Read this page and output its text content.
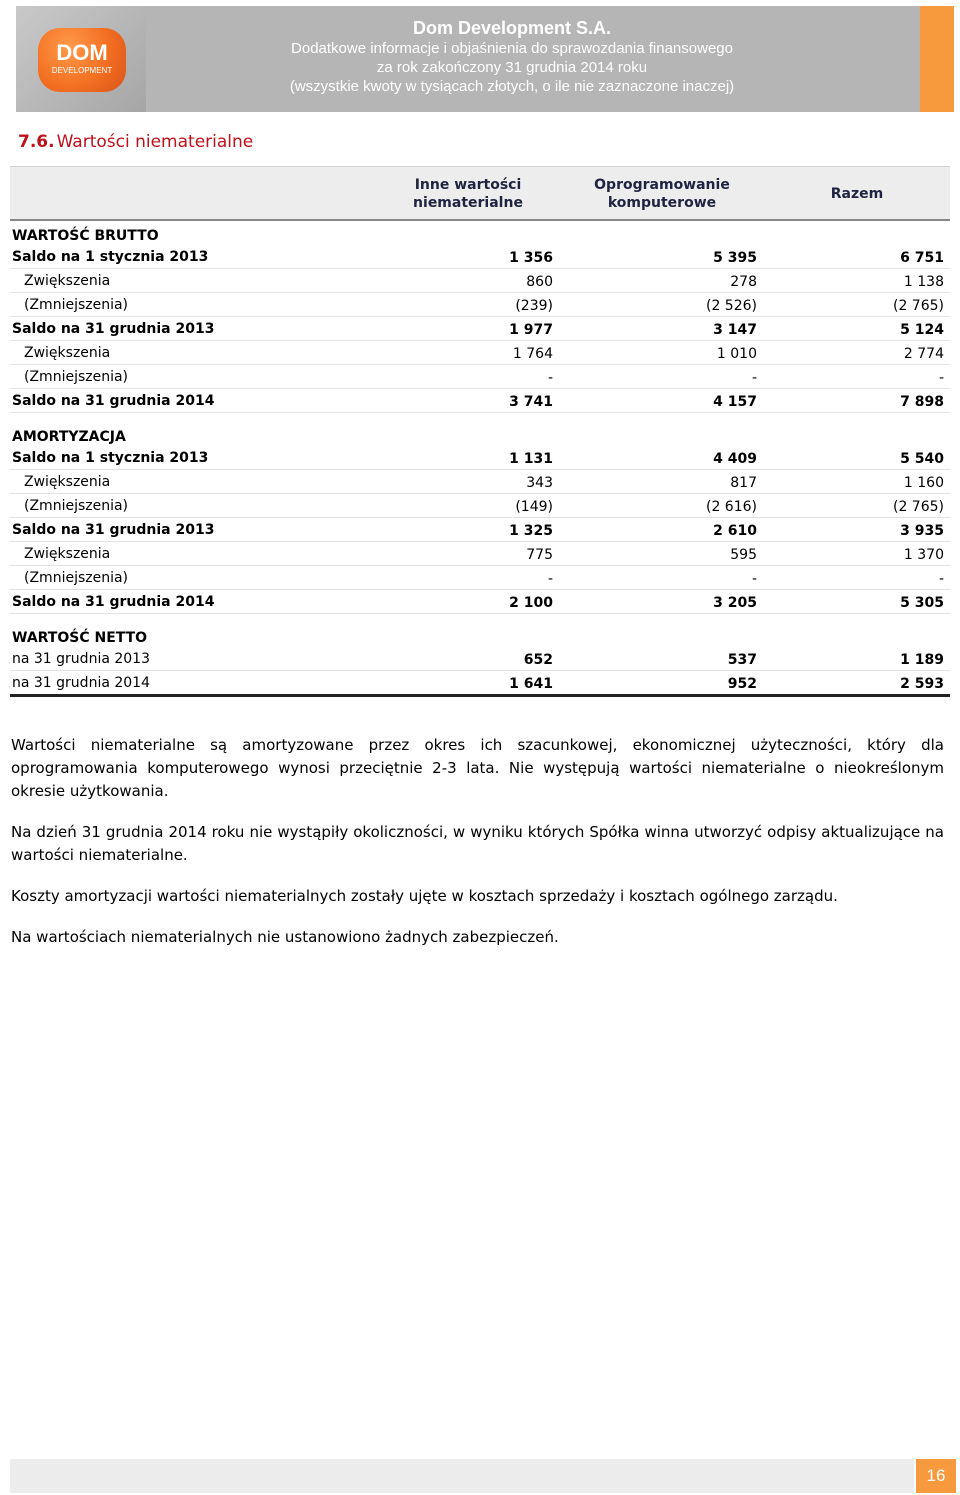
DOM
DEVELOPMENT
Dom Development S.A.
Dodatkowe informacje i objaśnienia do sprawozdania finansowego
za rok zakończony 31 grudnia 2014 roku
(wszystkie kwoty w tysiącach złotych, o ile nie zaznaczone inaczej)
7.6. Wartości niematerialne
Inne wartości
niematerialne
Oprogramowanie
komputerowe
Razem
WARTOŚĆ BRUTTO
Saldo na 1 stycznia 2013	1 356	5 395	6 751
Zwiększenia	860	278	1 138
(Zmniejszenia)	(239)	(2 526)	(2 765)
Saldo na 31 grudnia 2013	1 977	3 147	5 124
Zwiększenia	1 764	1 010	2 774
(Zmniejszenia)	-	-	-
Saldo na 31 grudnia 2014	3 741	4 157	7 898
AMORTYZACJA
Saldo na 1 stycznia 2013	1 131	4 409	5 540
Zwiększenia	343	817	1 160
(Zmniejszenia)	(149)	(2 616)	(2 765)
Saldo na 31 grudnia 2013	1 325	2 610	3 935
Zwiększenia	775	595	1 370
(Zmniejszenia)	-	-	-
Saldo na 31 grudnia 2014	2 100	3 205	5 305
WARTOŚĆ NETTO
na 31 grudnia 2013	652	537	1 189
na 31 grudnia 2014	1 641	952	2 593

Wartości niematerialne są amortyzowane przez okres ich szacunkowej, ekonomicznej użyteczności, który dla oprogramowania komputerowego wynosi przeciętnie 2-3 lata. Nie występują wartości niematerialne o nieokreślonym okresie użytkowania.

Na dzień 31 grudnia 2014 roku nie wystąpiły okoliczności, w wyniku których Spółka winna utworzyć odpisy aktualizujące na wartości niematerialne.

Koszty amortyzacji wartości niematerialnych zostały ujęte w kosztach sprzedaży i kosztach ogólnego zarządu.

Na wartościach niematerialnych nie ustanowiono żadnych zabezpieczeń.

16
